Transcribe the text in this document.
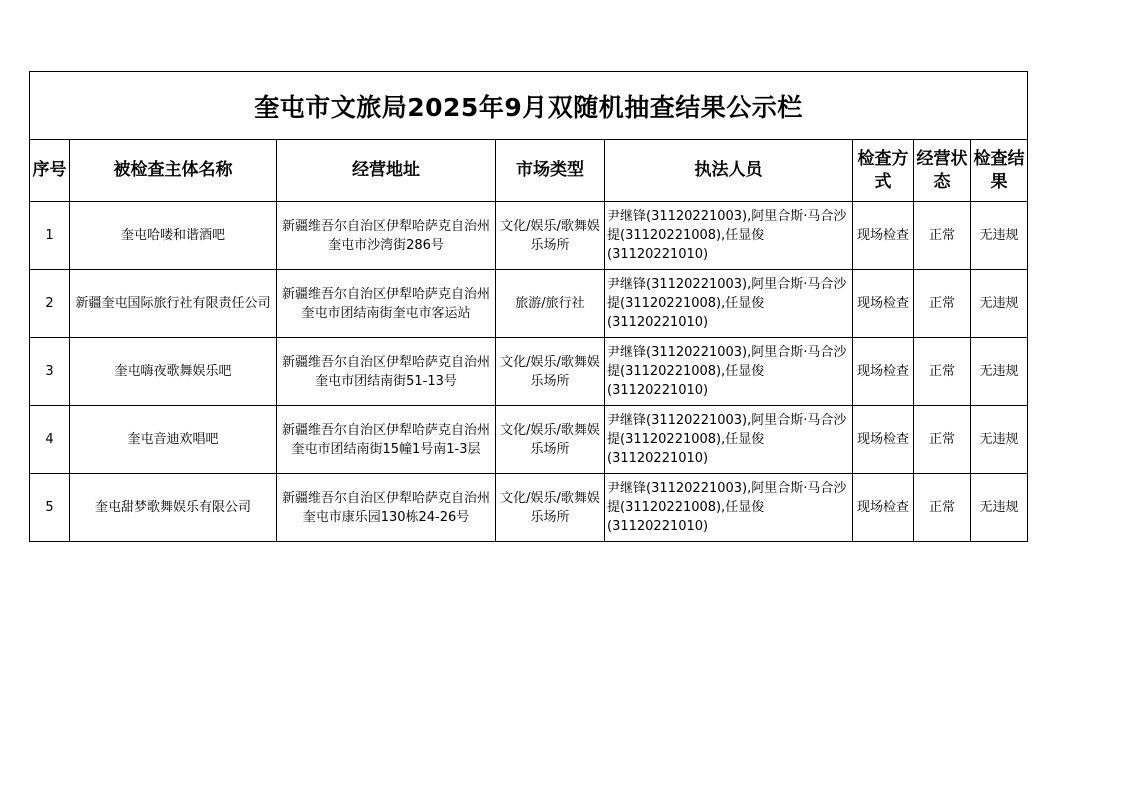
奎屯市文旅局2025年9月双随机抽查结果公示栏							
序号	被检查主体名称	经营地址	市场类型	执法人员	检查方式	经营状态	检查结果
1	奎屯哈喽和谐酒吧	新疆维吾尔自治区伊犁哈萨克自治州奎屯市沙湾街286号	文化/娱乐/歌舞娱乐场所	尹继锋(31120221003),阿里合斯·马合沙提(31120221008),任显俊(31120221010)	现场检查	正常	无违规
2	新疆奎屯国际旅行社有限责任公司	新疆维吾尔自治区伊犁哈萨克自治州奎屯市团结南街奎屯市客运站	旅游/旅行社	尹继锋(31120221003),阿里合斯·马合沙提(31120221008),任显俊(31120221010)	现场检查	正常	无违规
3	奎屯嗨夜歌舞娱乐吧	新疆维吾尔自治区伊犁哈萨克自治州奎屯市团结南街51-13号	文化/娱乐/歌舞娱乐场所	尹继锋(31120221003),阿里合斯·马合沙提(31120221008),任显俊(31120221010)	现场检查	正常	无违规
4	奎屯音迪欢唱吧	新疆维吾尔自治区伊犁哈萨克自治州奎屯市团结南街15幢1号南1-3层	文化/娱乐/歌舞娱乐场所	尹继锋(31120221003),阿里合斯·马合沙提(31120221008),任显俊(31120221010)	现场检查	正常	无违规
5	奎屯甜梦歌舞娱乐有限公司	新疆维吾尔自治区伊犁哈萨克自治州奎屯市康乐园130栋24-26号	文化/娱乐/歌舞娱乐场所	尹继锋(31120221003),阿里合斯·马合沙提(31120221008),任显俊(31120221010)	现场检查	正常	无违规
